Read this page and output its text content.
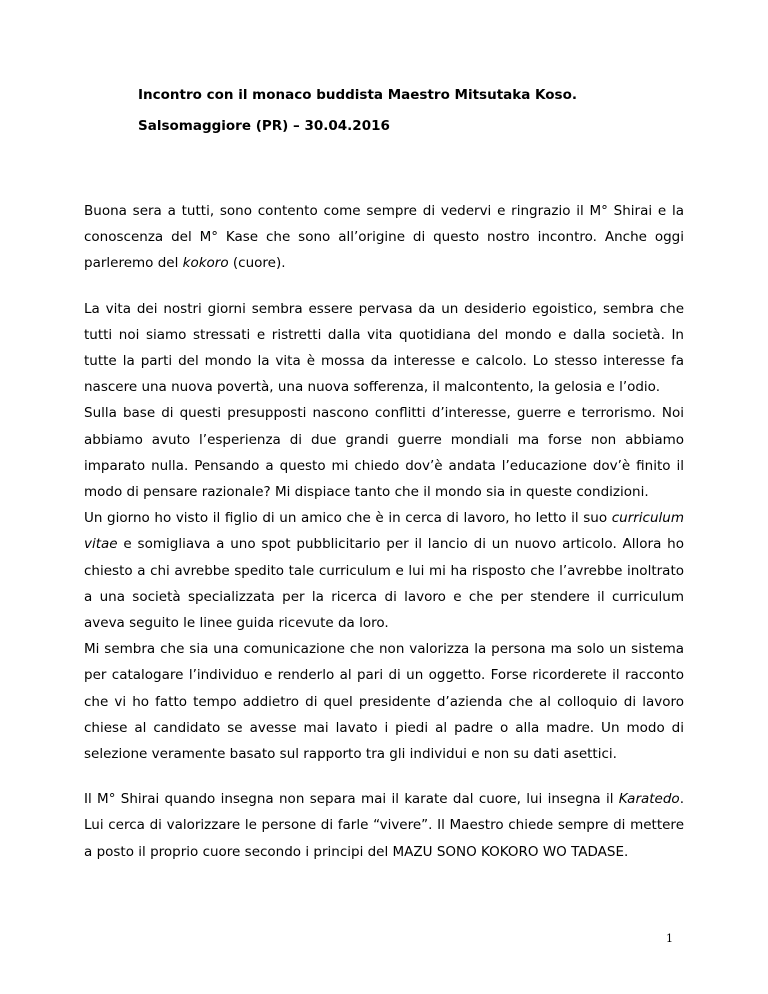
Incontro con il monaco buddista Maestro Mitsutaka Koso.
Salsomaggiore (PR) – 30.04.2016

Buona sera a tutti, sono contento come sempre di vedervi e ringrazio il M° Shirai e la conoscenza del M° Kase che sono all’origine di questo nostro incontro. Anche oggi parleremo del kokoro (cuore).

La vita dei nostri giorni sembra essere pervasa da un desiderio egoistico, sembra che tutti noi siamo stressati e ristretti dalla vita quotidiana del mondo e dalla società. In tutte la parti del mondo la vita è mossa da interesse e calcolo. Lo stesso interesse fa nascere una nuova povertà, una nuova sofferenza, il malcontento, la gelosia e l’odio.

Sulla base di questi presupposti nascono conflitti d’interesse, guerre e terrorismo. Noi abbiamo avuto l’esperienza di due grandi guerre mondiali ma forse non abbiamo imparato nulla. Pensando a questo mi chiedo dov’è andata l’educazione dov’è finito il modo di pensare razionale? Mi dispiace tanto che il mondo sia in queste condizioni.

Un giorno ho visto il figlio di un amico che è in cerca di lavoro, ho letto il suo curriculum vitae e somigliava a uno spot pubblicitario per il lancio di un nuovo articolo. Allora ho chiesto a chi avrebbe spedito tale curriculum e lui mi ha risposto che l’avrebbe inoltrato a una società specializzata per la ricerca di lavoro e che per stendere il curriculum aveva seguito le linee guida ricevute da loro.

Mi sembra che sia una comunicazione che non valorizza la persona ma solo un sistema per catalogare l’individuo e renderlo al pari di un oggetto. Forse ricorderete il racconto che vi ho fatto tempo addietro di quel presidente d’azienda che al colloquio di lavoro chiese al candidato se avesse mai lavato i piedi al padre o alla madre. Un modo di selezione veramente basato sul rapporto tra gli individui e non su dati asettici.

Il M° Shirai quando insegna non separa mai il karate dal cuore, lui insegna il Karatedo. Lui cerca di valorizzare le persone di farle “vivere”. Il Maestro chiede sempre di mettere a posto il proprio cuore secondo i principi del MAZU SONO KOKORO WO TADASE.

1
